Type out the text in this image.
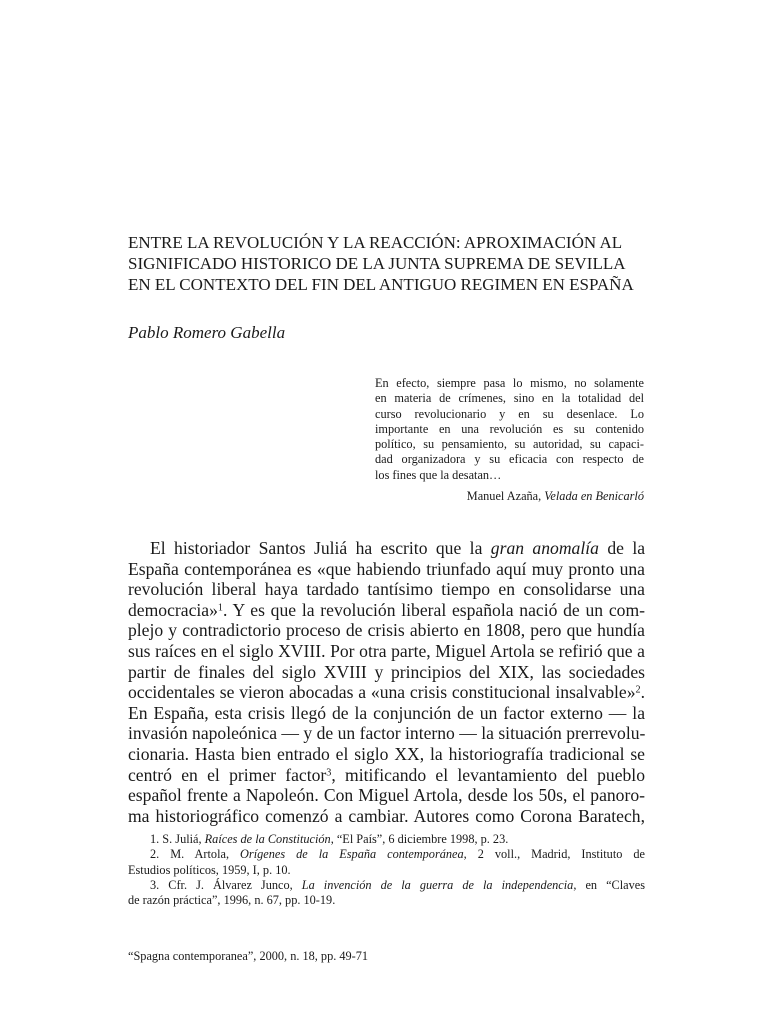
ENTRE LA REVOLUCIÓN Y LA REACCIÓN: APROXIMACIÓN AL
SIGNIFICADO HISTORICO DE LA JUNTA SUPREMA DE SEVILLA
EN EL CONTEXTO DEL FIN DEL ANTIGUO REGIMEN EN ESPAÑA
Pablo Romero Gabella
En efecto, siempre pasa lo mismo, no solamente
en materia de crímenes, sino en la totalidad del
curso revolucionario y en su desenlace. Lo
importante en una revolución es su contenido
político, su pensamiento, su autoridad, su capaci-
dad organizadora y su eficacia con respecto de
los fines que la desatan…
Manuel Azaña, Velada en Benicarló
El historiador Santos Juliá ha escrito que la gran anomalía de la
España contemporánea es «que habiendo triunfado aquí muy pronto una
revolución liberal haya tardado tantísimo tiempo en consolidarse una
democracia»$^1$. Y es que la revolución liberal española nació de un com-
plejo y contradictorio proceso de crisis abierto en 1808, pero que hundía
sus raíces en el siglo XVIII. Por otra parte, Miguel Artola se refirió que a
partir de finales del siglo XVIII y principios del XIX, las sociedades
occidentales se vieron abocadas a «una crisis constitucional insalvable»$^2$.
En España, esta crisis llegó de la conjunción de un factor externo — la
invasión napoleónica — y de un factor interno — la situación prerrevolu-
cionaria. Hasta bien entrado el siglo XX, la historiografía tradicional se
centró en el primer factor$^3$, mitificando el levantamiento del pueblo
español frente a Napoleón. Con Miguel Artola, desde los 50s, el panoro-
ma historiográfico comenzó a cambiar. Autores como Corona Baratech,
1. S. Juliá, Raíces de la Constitución, “El País”, 6 diciembre 1998, p. 23.
2. M. Artola, Orígenes de la España contemporánea, 2 voll., Madrid, Instituto de
Estudios políticos, 1959, I, p. 10.
3. Cfr. J. Álvarez Junco, La invención de la guerra de la independencia, en “Claves
de razón práctica”, 1996, n. 67, pp. 10-19.
“Spagna contemporanea”, 2000, n. 18, pp. 49-71
